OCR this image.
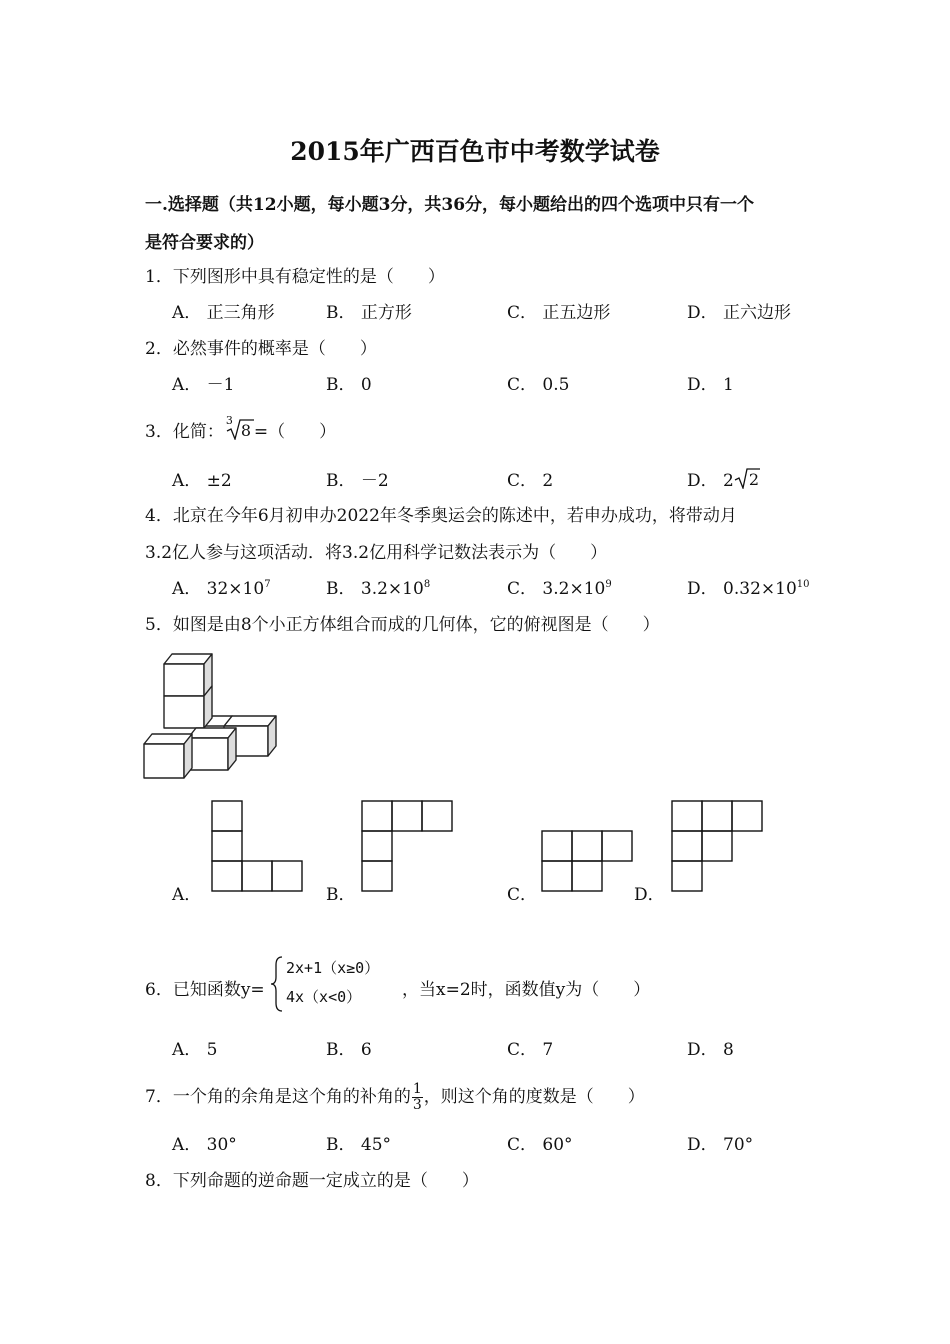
2015年广西百色市中考数学试卷
一.选择题（共12小题，每小题3分，共36分，每小题给出的四个选项中只有一个
是符合要求的）
1．下列图形中具有稳定性的是（　　）
A． 正三角形	B． 正方形	C． 正五边形	D． 正六边形
2．必然事件的概率是（　　）
A． －1	B． 0	C． 0.5	D． 1
3．化简：
3
8 =（　　）
A． ±2	B． －2	C． 2	D． 2 2
4．北京在今年6月初申办2022年冬季奥运会的陈述中，若申办成功，将带动月
3.2亿人参与这项活动．将3.2亿用科学记数法表示为（　　）
A． $32\times 10^7$	B． $3.2\times 10^8$	C． $3.2\times 10^9$	D． $0.32\times 10^{10}$
5．如图是由8个小正方体组合而成的几何体，它的俯视图是（　　）
A．	B．	C．	D．
6．已知函数y=
2x+1（x≥0）
4x（x<0） ，当x=2时，函数值y为（　　）
A． 5	B． 6	C． 7	D． 8
7．一个角的余角是这个角的补角的 $\frac{1}{3}$ ，则这个角的度数是（　　）
A． 30°	B． 45°	C． 60°	D． 70°
8．下列命题的逆命题一定成立的是（　　）
